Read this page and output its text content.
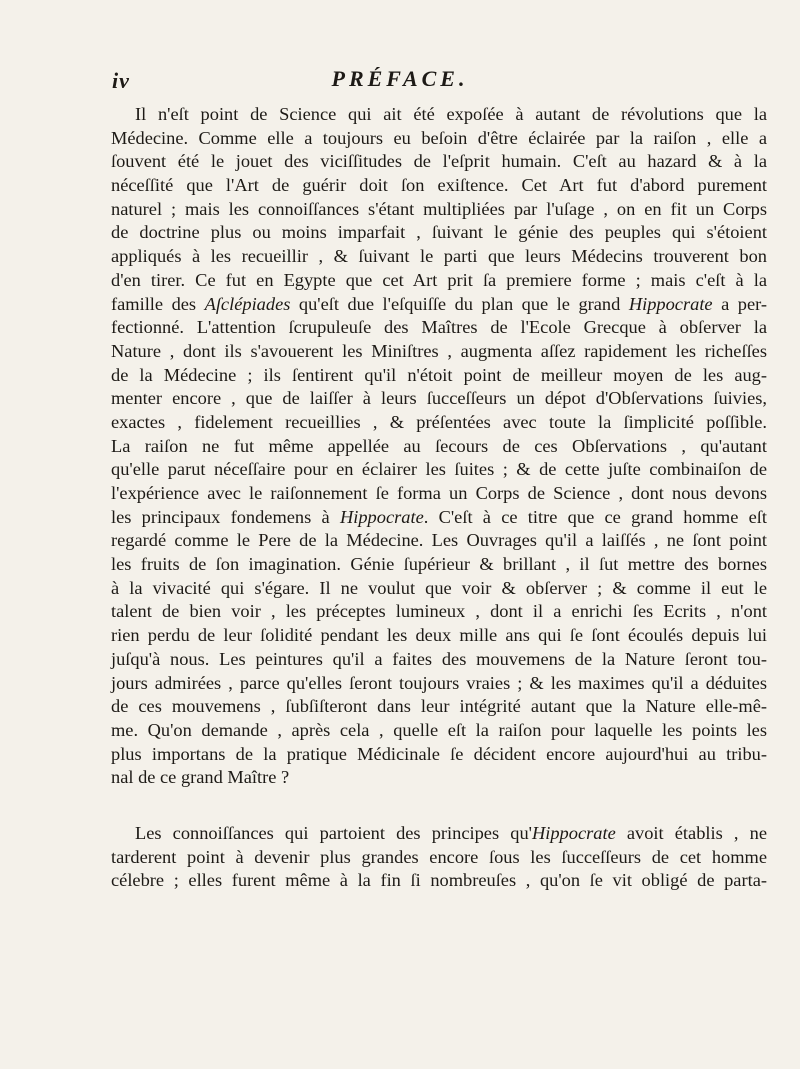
iv	PRÉFACE.
Il n'eſt point de Science qui ait été expoſée à autant de révolutions que la
Médecine. Comme elle a toujours eu beſoin d'être éclairée par la raiſon , elle a
ſouvent été le jouet des viciſſitudes de l'eſprit humain. C'eſt au hazard & à la
néceſſité que l'Art de guérir doit ſon exiſtence. Cet Art fut d'abord purement
naturel ; mais les connoiſſances s'étant multipliées par l'uſage , on en fit un Corps
de doctrine plus ou moins imparfait , ſuivant le génie des peuples qui s'étoient
appliqués à les recueillir , & ſuivant le parti que leurs Médecins trouverent bon
d'en tirer. Ce fut en Egypte que cet Art prit ſa premiere forme ; mais c'eſt à la
famille des Aſclépiades qu'eſt due l'eſquiſſe du plan que le grand Hippocrate a per-
fectionné. L'attention ſcrupuleuſe des Maîtres de l'Ecole Grecque à obſerver la
Nature , dont ils s'avouerent les Miniſtres , augmenta aſſez rapidement les richeſſes
de la Médecine ; ils ſentirent qu'il n'étoit point de meilleur moyen de les aug-
menter encore , que de laiſſer à leurs ſucceſſeurs un dépot d'Obſervations ſuivies,
exactes , fidelement recueillies , & préſentées avec toute la ſimplicité poſſible.
La raiſon ne fut même appellée au ſecours de ces Obſervations , qu'autant
qu'elle parut néceſſaire pour en éclairer les ſuites ; & de cette juſte combinaiſon de
l'expérience avec le raiſonnement ſe forma un Corps de Science , dont nous devons
les principaux fondemens à Hippocrate. C'eſt à ce titre que ce grand homme eſt
regardé comme le Pere de la Médecine. Les Ouvrages qu'il a laiſſés , ne ſont point
les fruits de ſon imagination. Génie ſupérieur & brillant , il ſut mettre des bornes
à la vivacité qui s'égare. Il ne voulut que voir & obſerver ; & comme il eut le
talent de bien voir , les préceptes lumineux , dont il a enrichi ſes Ecrits , n'ont
rien perdu de leur ſolidité pendant les deux mille ans qui ſe ſont écoulés depuis lui
juſqu'à nous. Les peintures qu'il a faites des mouvemens de la Nature ſeront tou-
jours admirées , parce qu'elles ſeront toujours vraies ; & les maximes qu'il a déduites
de ces mouvemens , ſubſiſteront dans leur intégrité autant que la Nature elle-mê-
me. Qu'on demande , après cela , quelle eſt la raiſon pour laquelle les points les
plus importans de la pratique Médicinale ſe décident encore aujourd'hui au tribu-
nal de ce grand Maître ?
Les connoiſſances qui partoient des principes qu'Hippocrate avoit établis , ne
tarderent point à devenir plus grandes encore ſous les ſucceſſeurs de cet homme
célebre ; elles furent même à la fin ſi nombreuſes , qu'on ſe vit obligé de parta-
